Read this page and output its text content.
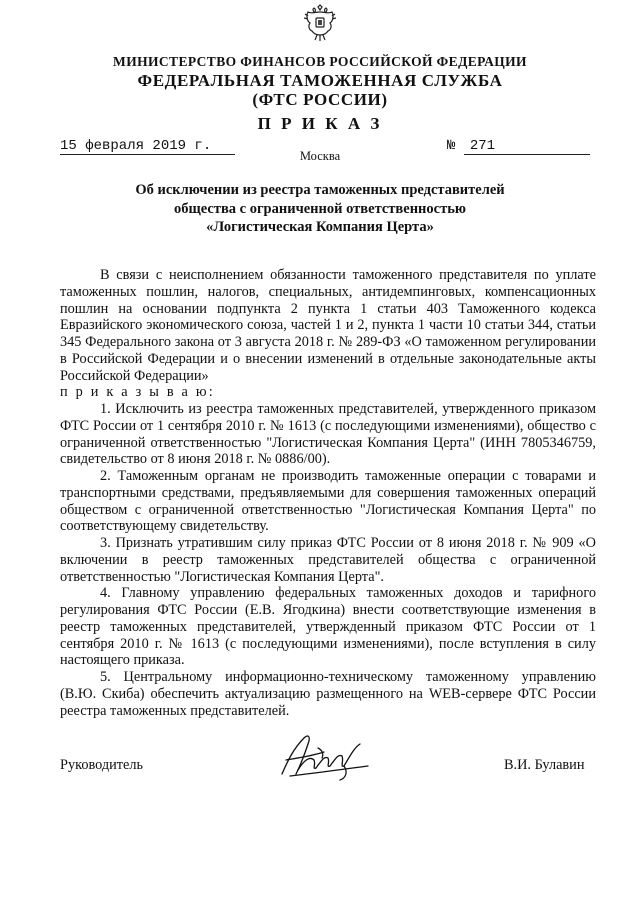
МИНИСТЕРСТВО ФИНАНСОВ РОССИЙСКОЙ ФЕДЕРАЦИИ
ФЕДЕРАЛЬНАЯ ТАМОЖЕННАЯ СЛУЖБА
(ФТС РОССИИ)
П Р И К А З
15 февраля 2019 г.	№ 271
Москва
Об исключении из реестра таможенных представителей
общества с ограниченной ответственностью
«Логистическая Компания Церта»

В связи с неисполнением обязанности таможенного представителя по уплате таможенных пошлин, налогов, специальных, антидемпинговых, компенсационных пошлин на основании подпункта 2 пункта 1 статьи 403 Таможенного кодекса Евразийского экономического союза, частей 1 и 2, пункта 1 части 10 статьи 344, статьи 345 Федерального закона от 3 августа 2018 г. № 289-ФЗ «О таможенном регулировании в Российской Федерации и о внесении изменений в отдельные законодательные акты Российской Федерации»

п р и к а з ы в а ю:

1. Исключить из реестра таможенных представителей, утвержденного приказом ФТС России от 1 сентября 2010 г. № 1613 (с последующими изменениями), общество с ограниченной ответственностью "Логистическая Компания Церта" (ИНН 7805346759, свидетельство от 8 июня 2018 г. № 0886/00).

2. Таможенным органам не производить таможенные операции с товарами и транспортными средствами, предъявляемыми для совершения таможенных операций обществом с ограниченной ответственностью "Логистическая Компания Церта" по соответствующему свидетельству.

3. Признать утратившим силу приказ ФТС России от 8 июня 2018 г. № 909 «О включении в реестр таможенных представителей общества с ограниченной ответственностью "Логистическая Компания Церта".

4. Главному управлению федеральных таможенных доходов и тарифного регулирования ФТС России (Е.В. Ягодкина) внести соответствующие изменения в реестр таможенных представителей, утвержденный приказом ФТС России от 1 сентября 2010 г. № 1613 (с последующими изменениями), после вступления в силу настоящего приказа.

5. Центральному информационно-техническому таможенному управлению (В.Ю. Скиба) обеспечить актуализацию размещенного на WEB-сервере ФТС России реестра таможенных представителей.

Руководитель	В.И. Булавин
